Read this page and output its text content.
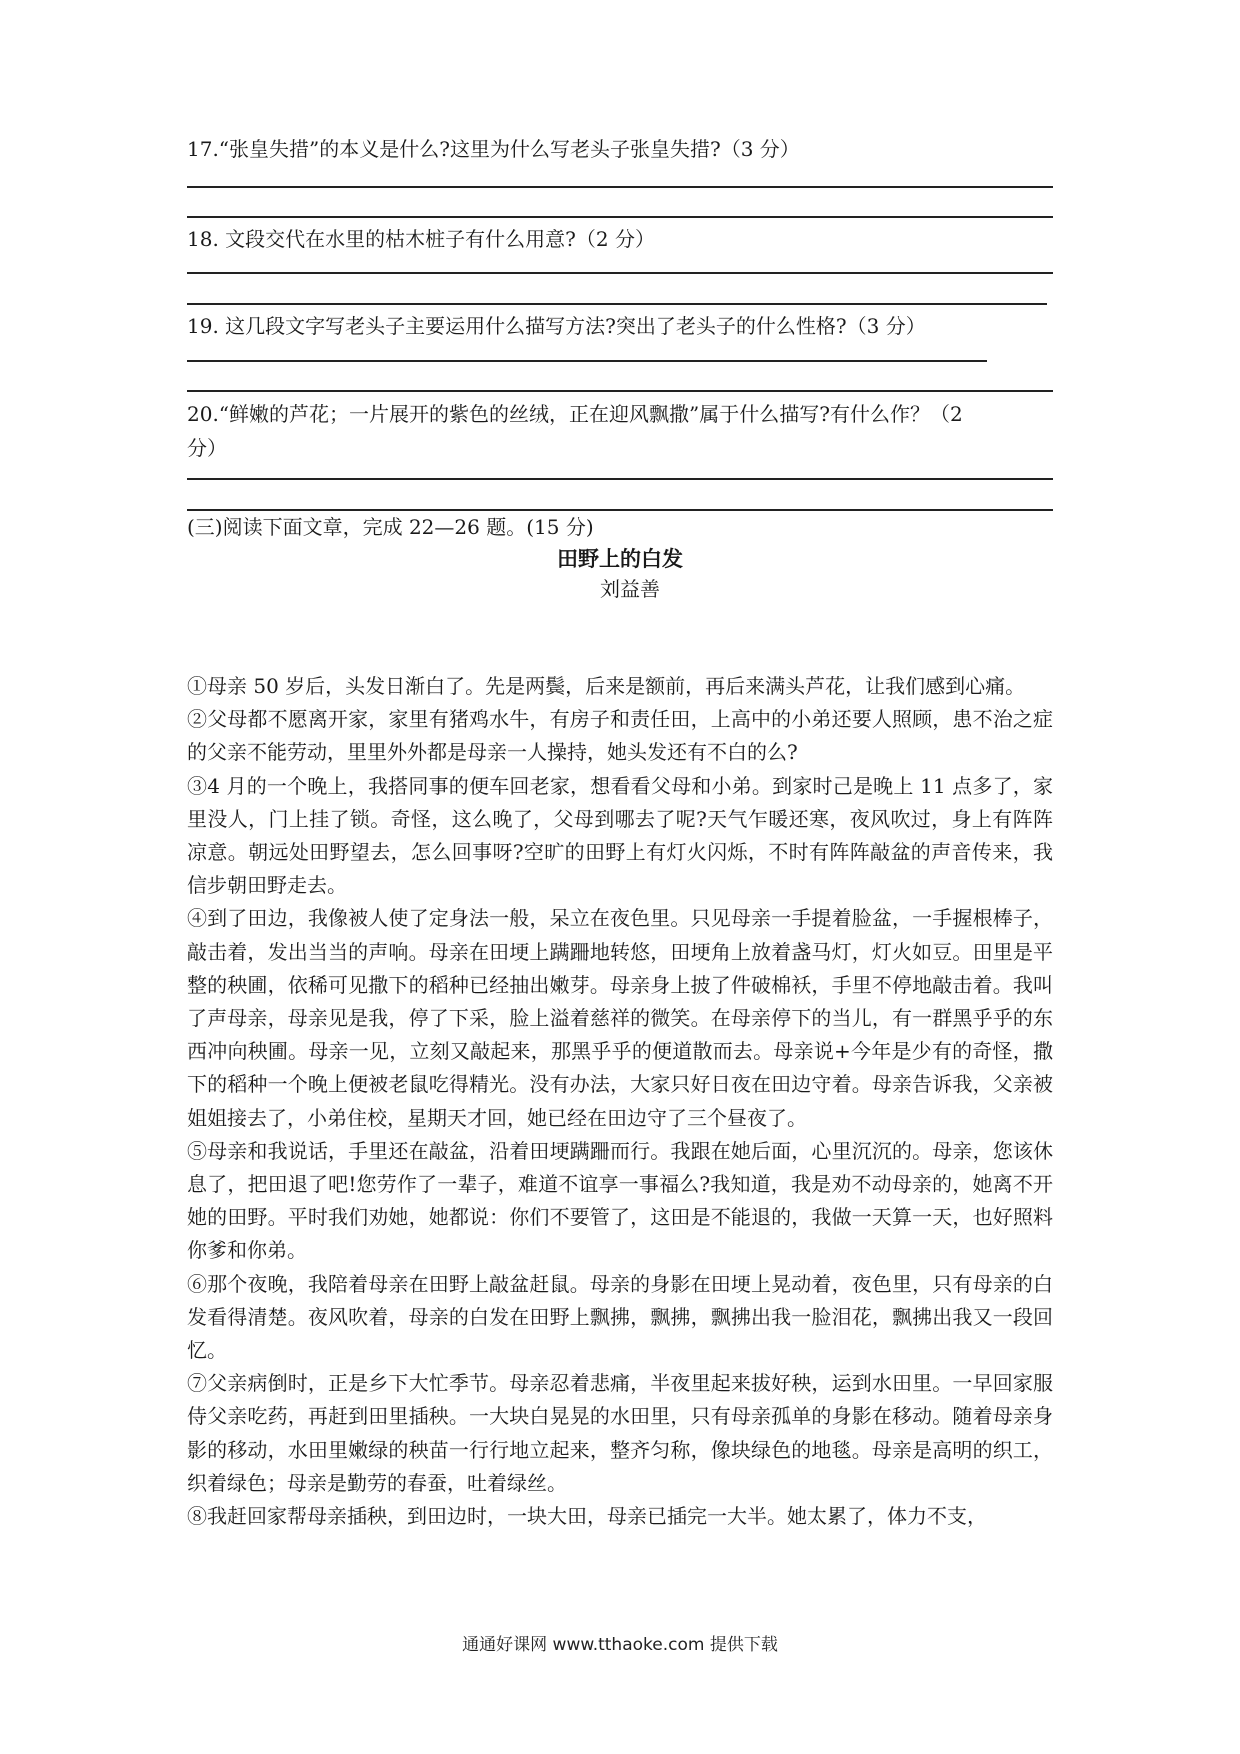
17.“张皇失措”的本义是什么?这里为什么写老头子张皇失措?（3 分）
18. 文段交代在水里的枯木桩子有什么用意?（2 分）
19. 这几段文字写老头子主要运用什么描写方法?突出了老头子的什么性格?（3 分）
20.“鲜嫩的芦花；一片展开的紫色的丝绒，正在迎风飘撒”属于什么描写?有什么作？（2
分）
(三)阅读下面文章，完成 22—26 题。(15 分)
田野上的白发
刘益善

①母亲 50 岁后，头发日渐白了。先是两鬓，后来是额前，再后来满头芦花，让我们感到心痛。

②父母都不愿离开家，家里有猪鸡水牛，有房子和责任田，上高中的小弟还要人照顾，患不治之症的父亲不能劳动，里里外外都是母亲一人操持，她头发还有不白的么?

③4 月的一个晚上，我搭同事的便车回老家，想看看父母和小弟。到家时己是晚上 11 点多了，家里没人，门上挂了锁。奇怪，这么晚了，父母到哪去了呢?天气乍暖还寒，夜风吹过，身上有阵阵凉意。朝远处田野望去，怎么回事呀?空旷的田野上有灯火闪烁，不时有阵阵敲盆的声音传来，我信步朝田野走去。

④到了田边，我像被人使了定身法一般，呆立在夜色里。只见母亲一手提着脸盆，一手握根棒子，敲击着，发出当当的声响。母亲在田埂上蹒跚地转悠，田埂角上放着盏马灯，灯火如豆。田里是平整的秧圃，依稀可见撒下的稻种已经抽出嫩芽。母亲身上披了件破棉袄，手里不停地敲击着。我叫了声母亲，母亲见是我，停了下采，脸上溢着慈祥的微笑。在母亲停下的当儿，有一群黑乎乎的东西冲向秧圃。母亲一见，立刻又敲起来，那黑乎乎的便道散而去。母亲说+今年是少有的奇怪，撒下的稻种一个晚上便被老鼠吃得精光。没有办法，大家只好日夜在田边守着。母亲告诉我，父亲被姐姐接去了，小弟住校，星期天才回，她已经在田边守了三个昼夜了。

⑤母亲和我说话，手里还在敲盆，沿着田埂蹒跚而行。我跟在她后面，心里沉沉的。母亲，您该休息了，把田退了吧!您劳作了一辈子，难道不谊享一事福么?我知道，我是劝不动母亲的，她离不开她的田野。平时我们劝她，她都说：你们不要管了，这田是不能退的，我做一天算一天，也好照料你爹和你弟。

⑥那个夜晚，我陪着母亲在田野上敲盆赶鼠。母亲的身影在田埂上晃动着，夜色里，只有母亲的白发看得清楚。夜风吹着，母亲的白发在田野上飘拂，飘拂，飘拂出我一脸泪花，飘拂出我又一段回忆。

⑦父亲病倒时，正是乡下大忙季节。母亲忍着悲痛，半夜里起来拔好秧，运到水田里。一早回家服侍父亲吃药，再赶到田里插秧。一大块白晃晃的水田里，只有母亲孤单的身影在移动。随着母亲身影的移动，水田里嫩绿的秧苗一行行地立起来，整齐匀称，像块绿色的地毯。母亲是高明的织工，织着绿色；母亲是勤劳的春蚕，吐着绿丝。

⑧我赶回家帮母亲插秧，到田边时，一块大田，母亲已插完一大半。她太累了，体力不支，

通通好课网 www.tthaoke.com 提供下载
